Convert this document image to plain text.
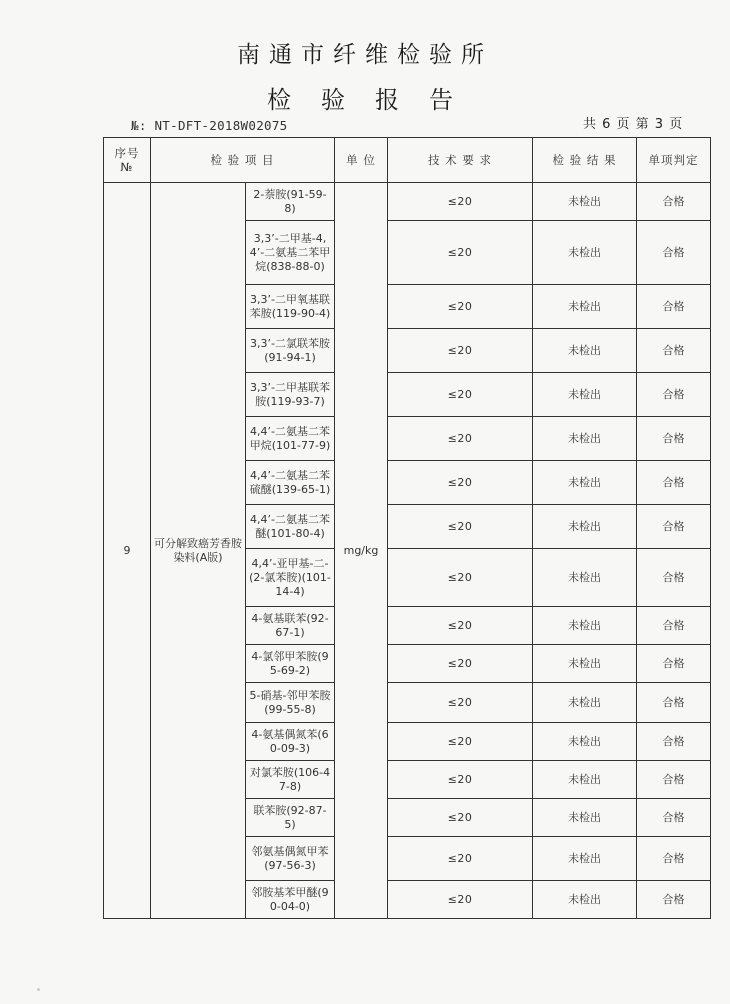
南通市纤维检验所
检验报告
№: NT-DFT-2018W02075	共 6 页 第 3 页
序号 №	检 验 项 目		单 位	技 术 要 求	检 验 结 果	单项判定
9	可分解致癌芳香胺染料(A版)	2-萘胺(91-59-8)	mg/kg	≤20	未检出	合格
		3,3’-二甲基-4,4’-二氨基二苯甲烷(838-88-0)		≤20	未检出	合格
		3,3’-二甲氧基联苯胺(119-90-4)		≤20	未检出	合格
		3,3’-二氯联苯胺(91-94-1)		≤20	未检出	合格
		3,3’-二甲基联苯胺(119-93-7)		≤20	未检出	合格
		4,4’-二氨基二苯甲烷(101-77-9)		≤20	未检出	合格
		4,4’-二氨基二苯硫醚(139-65-1)		≤20	未检出	合格
		4,4’-二氨基二苯醚(101-80-4)		≤20	未检出	合格
		4,4’-亚甲基-二-(2-氯苯胺)(101-14-4)		≤20	未检出	合格
		4-氨基联苯(92-67-1)		≤20	未检出	合格
		4-氯邻甲苯胺(95-69-2)		≤20	未检出	合格
		5-硝基-邻甲苯胺(99-55-8)		≤20	未检出	合格
		4-氨基偶氮苯(60-09-3)		≤20	未检出	合格
		对氯苯胺(106-47-8)		≤20	未检出	合格
		联苯胺(92-87-5)		≤20	未检出	合格
		邻氨基偶氮甲苯(97-56-3)		≤20	未检出	合格
		邻胺基苯甲醚(90-04-0)		≤20	未检出	合格
